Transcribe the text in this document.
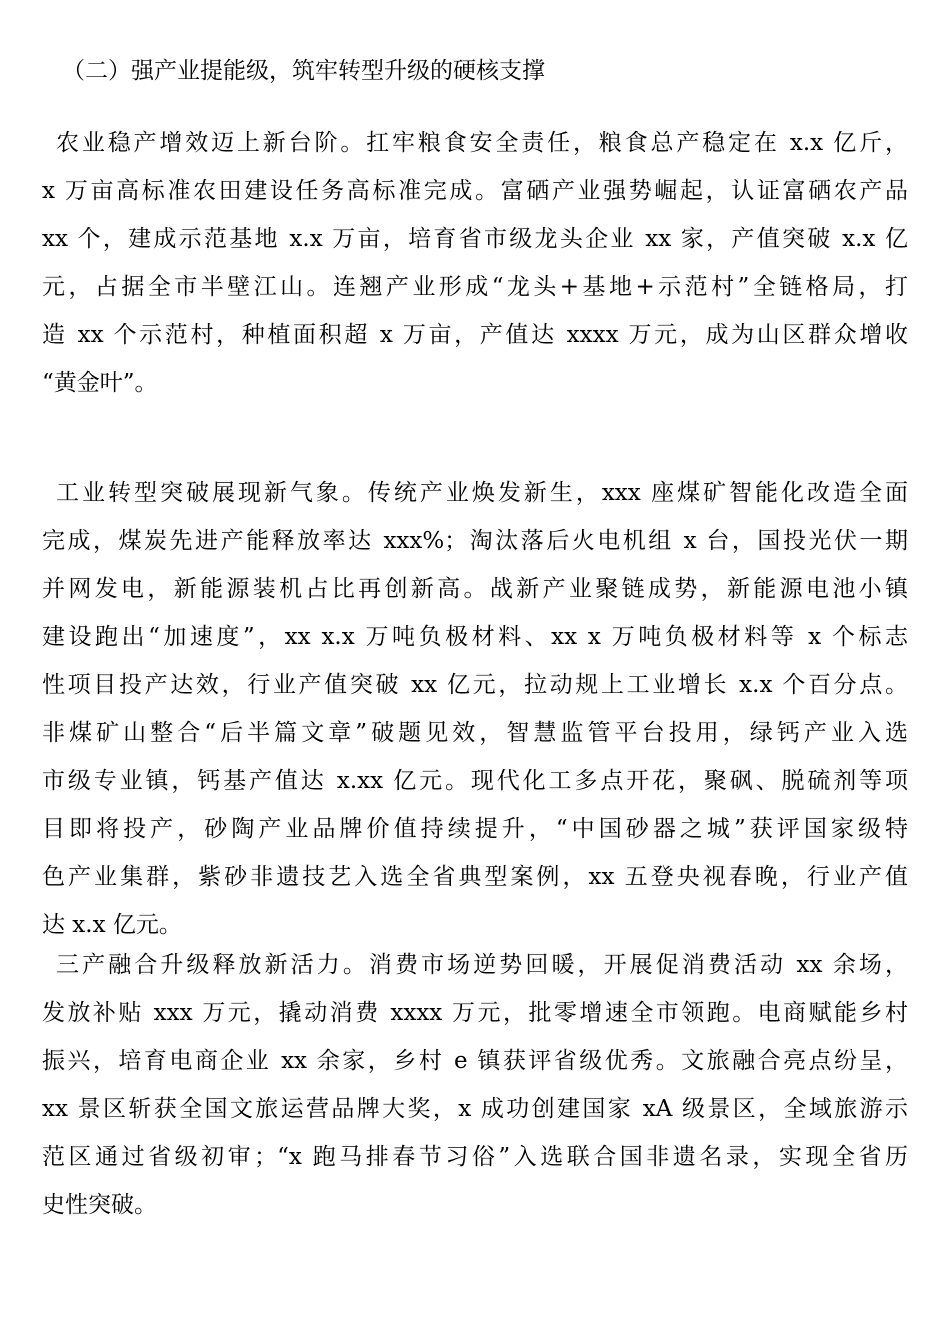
（二）强产业提能级，筑牢转型升级的硬核支撑
农业稳产增效迈上新台阶。扛牢粮食安全责任，粮食总产稳定在 x.x 亿斤，
x 万亩高标准农田建设任务高标准完成。富硒产业强势崛起，认证富硒农产品
xx 个，建成示范基地 x.x 万亩，培育省市级龙头企业 xx 家，产值突破 x.x 亿
元，占据全市半壁江山。连翘产业形成“龙头+基地+示范村”全链格局，打
造 xx 个示范村，种植面积超 x 万亩，产值达 xxxx 万元，成为山区群众增收
“黄金叶”。
工业转型突破展现新气象。传统产业焕发新生，xxx 座煤矿智能化改造全面
完成，煤炭先进产能释放率达 xxx%；淘汰落后火电机组 x 台，国投光伏一期
并网发电，新能源装机占比再创新高。战新产业聚链成势，新能源电池小镇
建设跑出“加速度”，xx x.x 万吨负极材料、xx x 万吨负极材料等 x 个标志
性项目投产达效，行业产值突破 xx 亿元，拉动规上工业增长 x.x 个百分点。
非煤矿山整合“后半篇文章”破题见效，智慧监管平台投用，绿钙产业入选
市级专业镇，钙基产值达 x.xx 亿元。现代化工多点开花，聚砜、脱硫剂等项
目即将投产，砂陶产业品牌价值持续提升，“中国砂器之城”获评国家级特
色产业集群，紫砂非遗技艺入选全省典型案例，xx 五登央视春晚，行业产值
达 x.x 亿元。
三产融合升级释放新活力。消费市场逆势回暖，开展促消费活动 xx 余场，
发放补贴 xxx 万元，撬动消费 xxxx 万元，批零增速全市领跑。电商赋能乡村
振兴，培育电商企业 xx 余家，乡村 e 镇获评省级优秀。文旅融合亮点纷呈，
xx 景区斩获全国文旅运营品牌大奖，x 成功创建国家 xA 级景区，全域旅游示
范区通过省级初审；“x 跑马排春节习俗”入选联合国非遗名录，实现全省历
史性突破。
